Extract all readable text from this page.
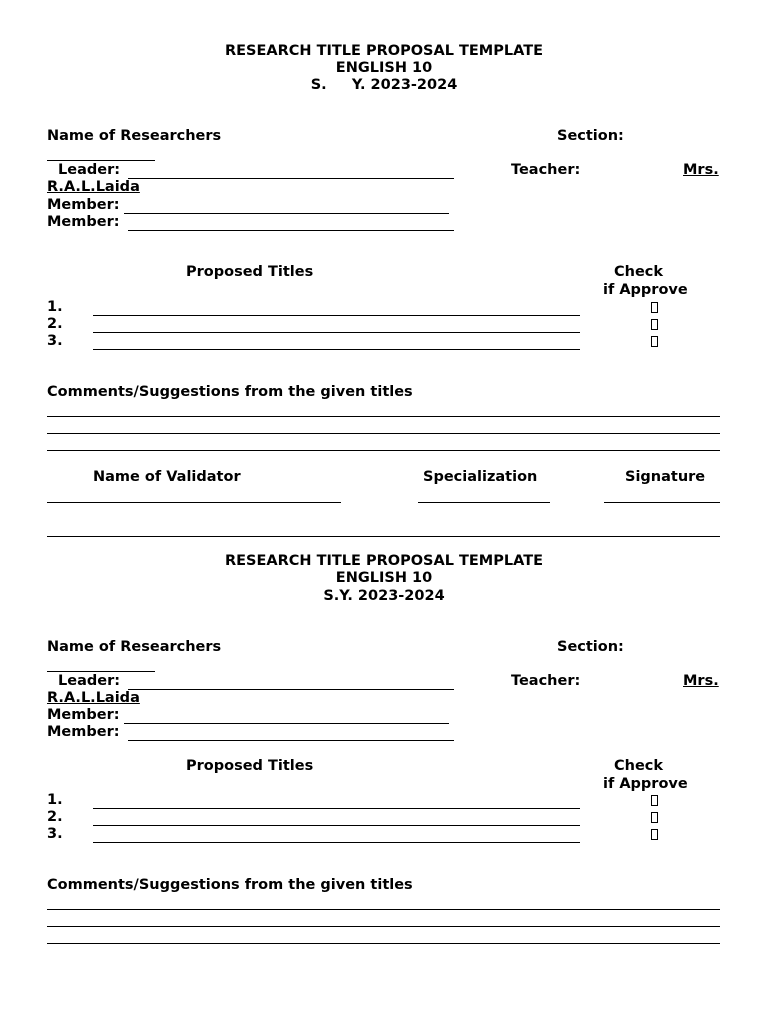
RESEARCH TITLE PROPOSAL TEMPLATE
ENGLISH 10
S.     Y. 2023-2024
Name of Researchers	Section:
Leader:	Teacher:	Mrs.
R.A.L.Laida
Member:
Member:
Proposed Titles	Check
if Approve
1.
2.
3.
Comments/Suggestions from the given titles
Name of Validator	Specialization	Signature
RESEARCH TITLE PROPOSAL TEMPLATE
ENGLISH 10
S.Y. 2023-2024
Name of Researchers	Section:
Leader:	Teacher:	Mrs.
R.A.L.Laida
Member:
Member:
Proposed Titles	Check
if Approve
1.
2.
3.
Comments/Suggestions from the given titles
